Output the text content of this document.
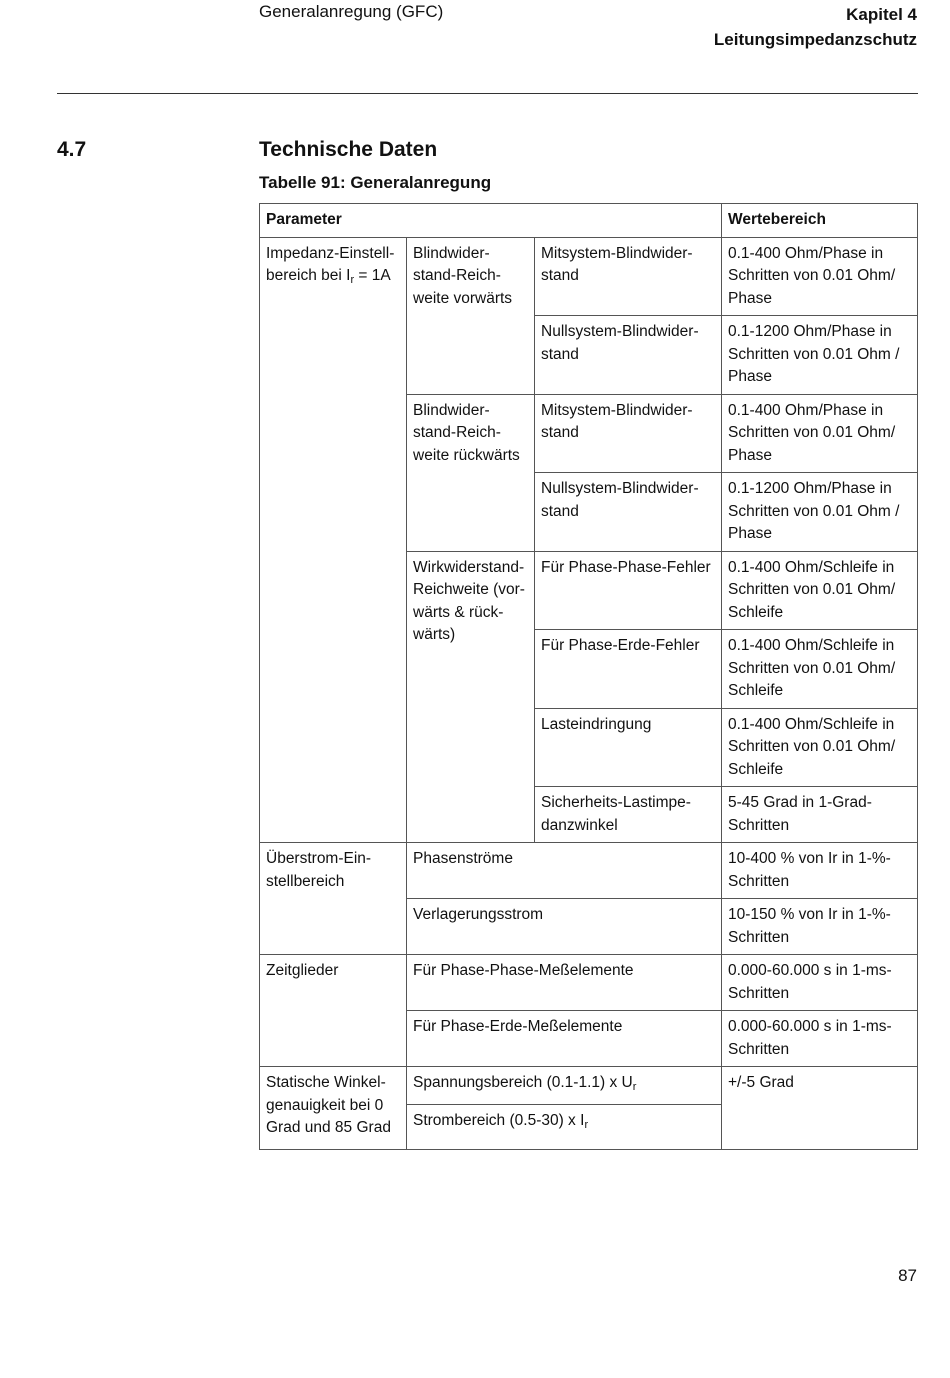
Generalanregung (GFC)	Kapitel 4
Leitungsimpedanzschutz
4.7	Technische Daten
Tabelle 91: Generalanregung
Parameter			Wertebereich
Impedanz-Einstell-bereich bei $I_r = 1A$	Blindwider-stand-Reich-weite vorwärts	Mitsystem-Blindwider-stand	0.1-400 Ohm/Phase in Schritten von 0.01 Ohm/ Phase
		Nullsystem-Blindwider-stand	0.1-1200 Ohm/Phase in Schritten von 0.01 Ohm / Phase
	Blindwider-stand-Reich-weite rückwärts	Mitsystem-Blindwider-stand	0.1-400 Ohm/Phase in Schritten von 0.01 Ohm/ Phase
		Nullsystem-Blindwider-stand	0.1-1200 Ohm/Phase in Schritten von 0.01 Ohm / Phase
	Wirkwiderstand-Reichweite (vor-wärts & rück-wärts)	Für Phase-Phase-Fehler	0.1-400 Ohm/Schleife in Schritten von 0.01 Ohm/ Schleife
		Für Phase-Erde-Fehler	0.1-400 Ohm/Schleife in Schritten von 0.01 Ohm/ Schleife
		Lasteindringung	0.1-400 Ohm/Schleife in Schritten von 0.01 Ohm/ Schleife
		Sicherheits-Lastimpe-danzwinkel	5-45 Grad in 1-Grad-Schritten
Überstrom-Ein-stellbereich	Phasenströme		10-400 % von Ir in 1-%-Schritten
	Verlagerungsstrom		10-150 % von Ir in 1-%-Schritten
Zeitglieder	Für Phase-Phase-Meßelemente		0.000-60.000 s in 1-ms-Schritten
	Für Phase-Erde-Meßelemente		0.000-60.000 s in 1-ms-Schritten
Statische Winkel-genauigkeit bei 0 Grad und 85 Grad	Spannungsbereich (0.1-1.1) x $U_r$		+/-5 Grad
	Strombereich (0.5-30) x $I_r$
87
